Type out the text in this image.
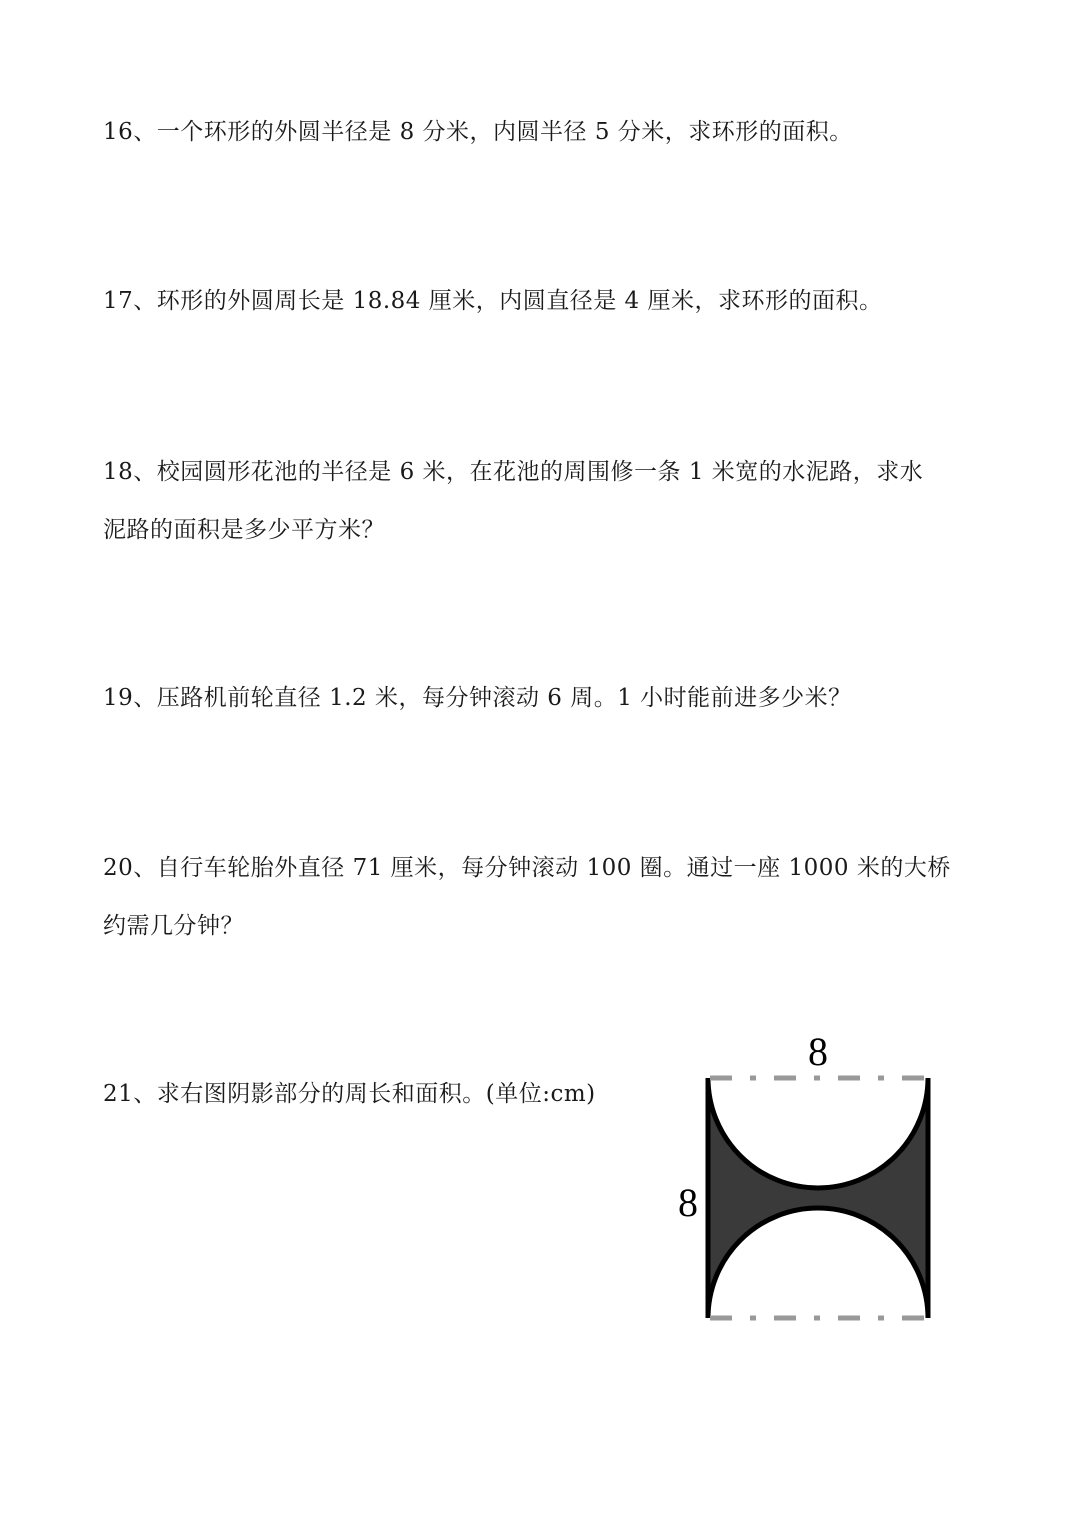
16、一个环形的外圆半径是 8 分米，内圆半径 5 分米，求环形的面积。

17、环形的外圆周长是 18.84 厘米，内圆直径是 4 厘米，求环形的面积。

18、校园圆形花池的半径是 6 米，在花池的周围修一条 1 米宽的水泥路，求水
泥路的面积是多少平方米？

19、压路机前轮直径 1.2 米，每分钟滚动 6 周。1 小时能前进多少米？

20、自行车轮胎外直径 71 厘米，每分钟滚动 100 圈。通过一座 1000 米的大桥
约需几分钟？

21、求右图阴影部分的周长和面积。(单位:cm)

8
8
